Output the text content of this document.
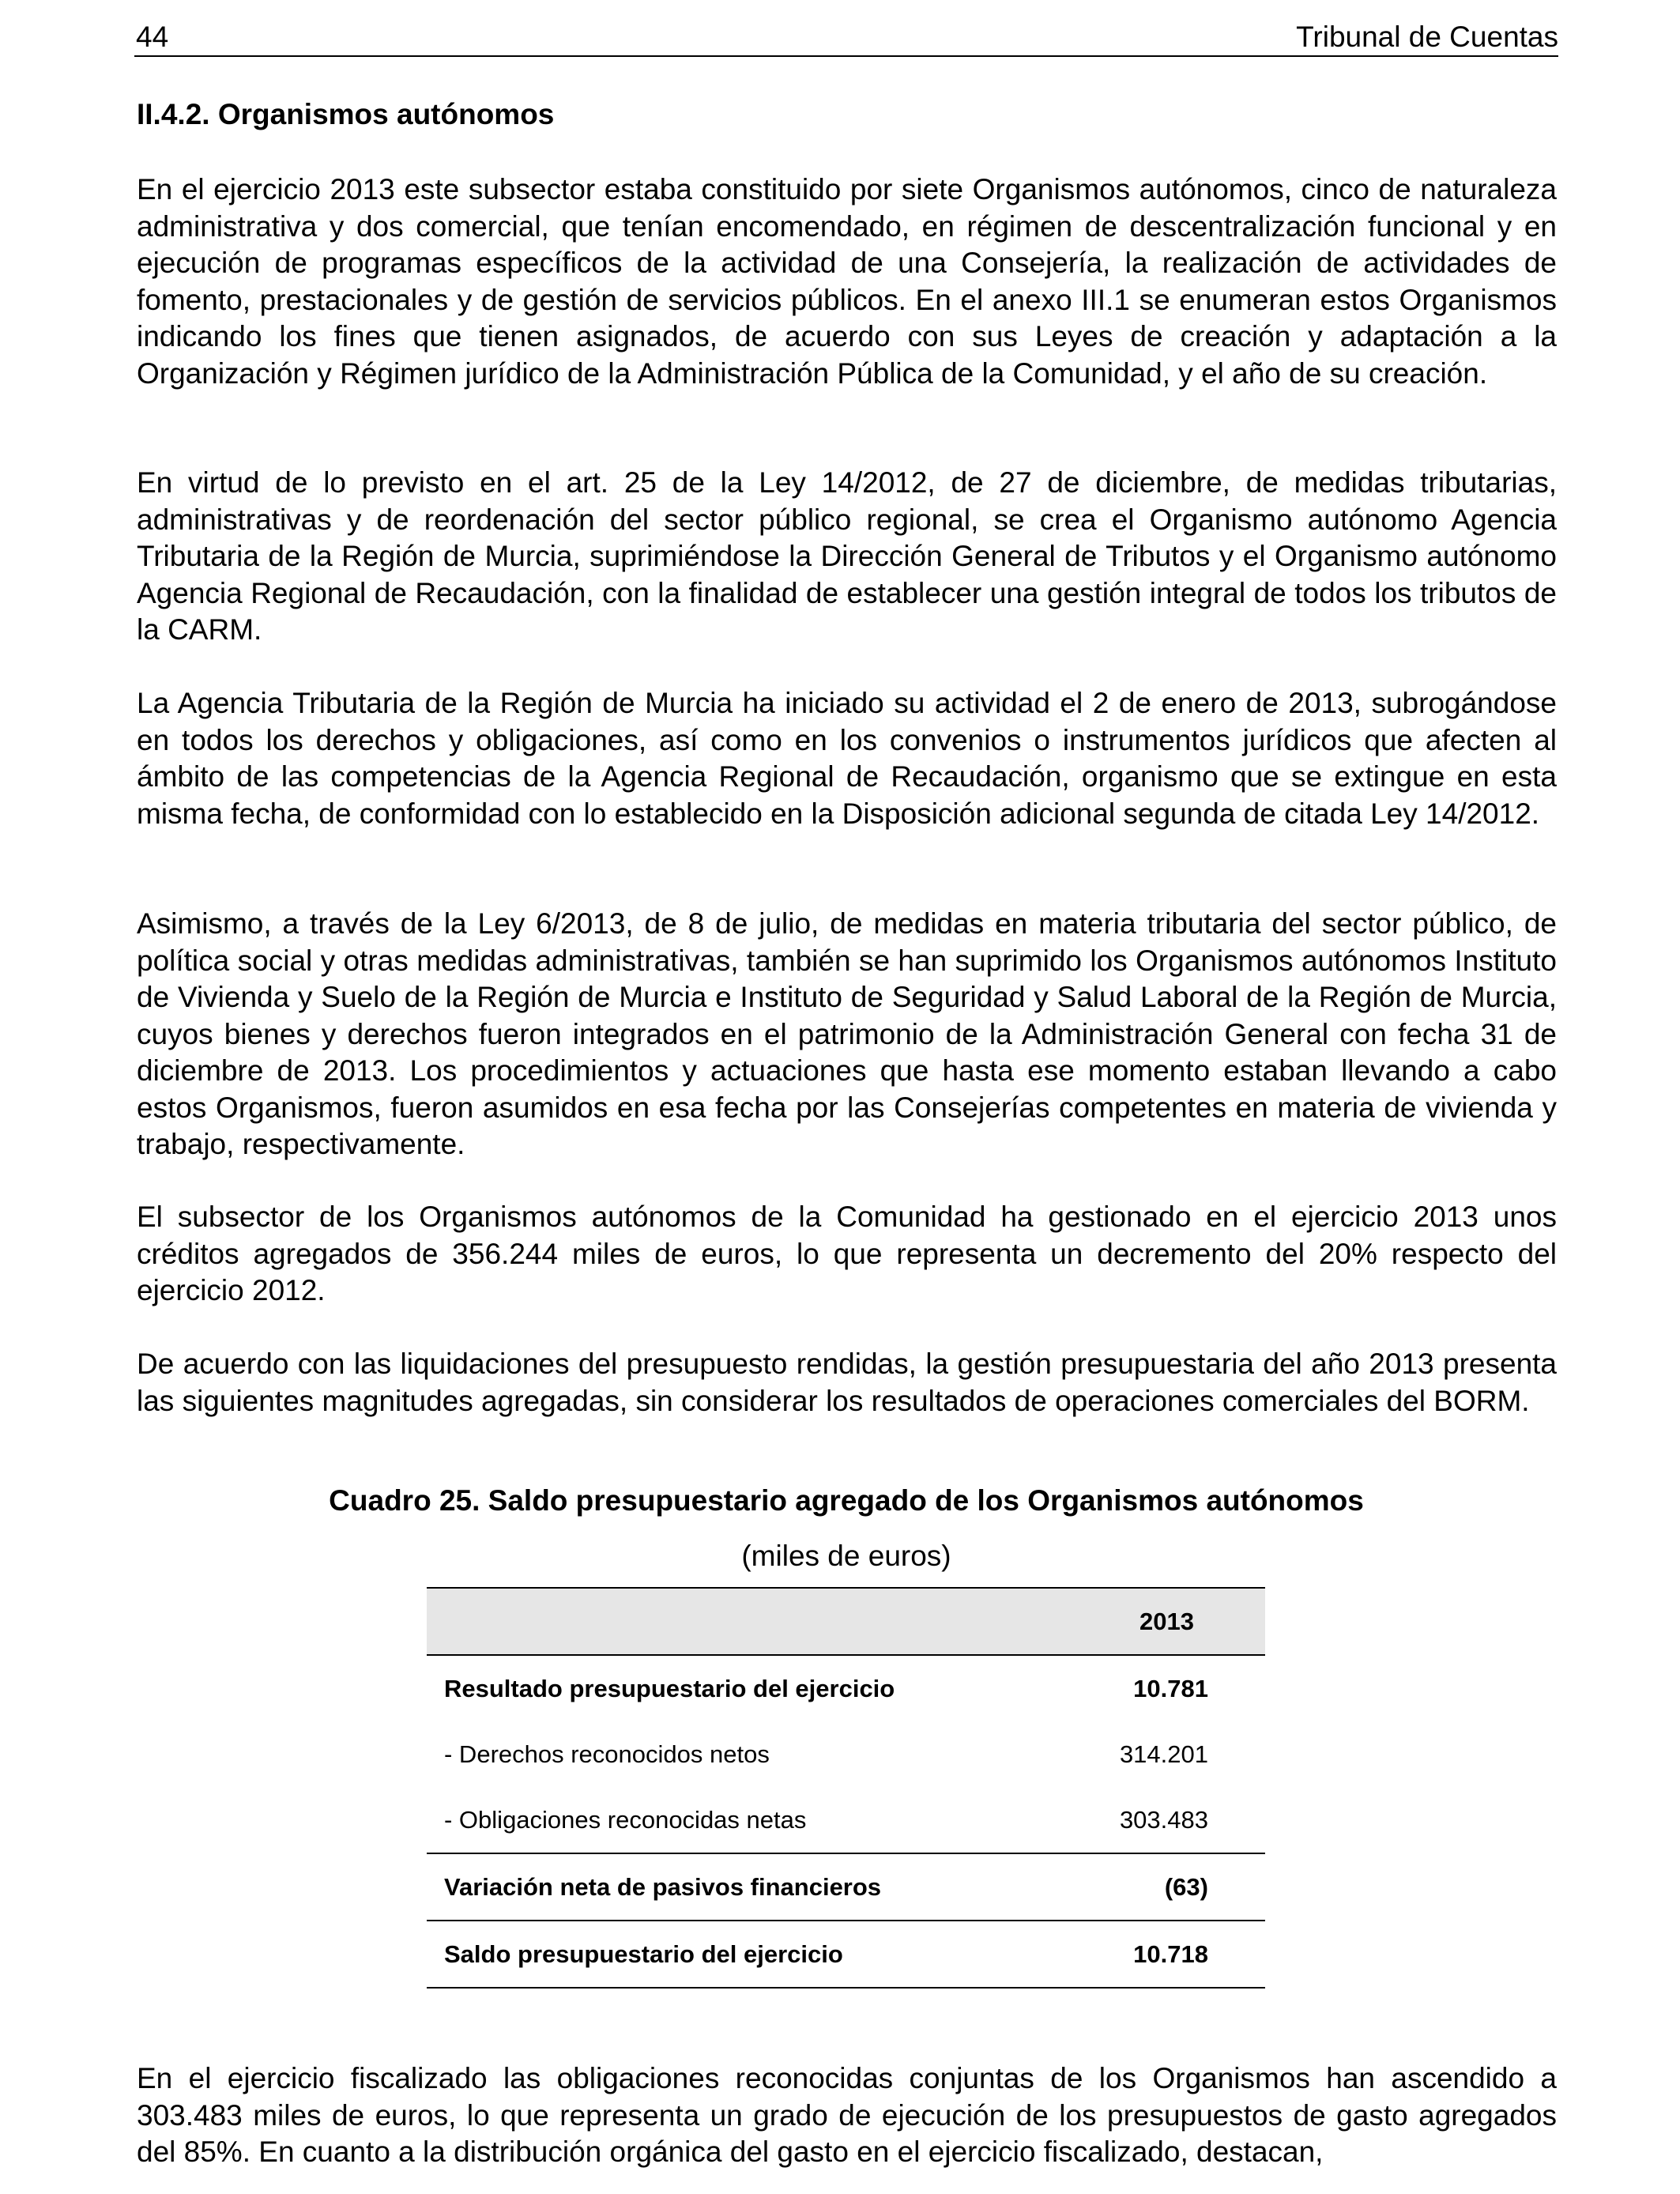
44	Tribunal de Cuentas
II.4.2. Organismos autónomos

En el ejercicio 2013 este subsector estaba constituido por siete Organismos autónomos, cinco de naturaleza administrativa y dos comercial, que tenían encomendado, en régimen de descentralización funcional y en ejecución de programas específicos de la actividad de una Consejería, la realización de actividades de fomento, prestacionales y de gestión de servicios públicos. En el anexo III.1 se enumeran estos Organismos indicando los fines que tienen asignados, de acuerdo con sus Leyes de creación y adaptación a la Organización y Régimen jurídico de la Administración Pública de la Comunidad, y el año de su creación.

En virtud de lo previsto en el art. 25 de la Ley 14/2012, de 27 de diciembre, de medidas tributarias, administrativas y de reordenación del sector público regional, se crea el Organismo autónomo Agencia Tributaria de la Región de Murcia, suprimiéndose la Dirección General de Tributos y el Organismo autónomo Agencia Regional de Recaudación, con la finalidad de establecer una gestión integral de todos los tributos de la CARM.

La Agencia Tributaria de la Región de Murcia ha iniciado su actividad el 2 de enero de 2013, subrogándose en todos los derechos y obligaciones, así como en los convenios o instrumentos jurídicos que afecten al ámbito de las competencias de la Agencia Regional de Recaudación, organismo que se extingue en esta misma fecha, de conformidad con lo establecido en la Disposición adicional segunda de citada Ley 14/2012.

Asimismo, a través de la Ley 6/2013, de 8 de julio, de medidas en materia tributaria del sector público, de política social y otras medidas administrativas, también se han suprimido los Organismos autónomos Instituto de Vivienda y Suelo de la Región de Murcia e Instituto de Seguridad y Salud Laboral de la Región de Murcia, cuyos bienes y derechos fueron integrados en el patrimonio de la Administración General con fecha 31 de diciembre de 2013. Los procedimientos y actuaciones que hasta ese momento estaban llevando a cabo estos Organismos, fueron asumidos en esa fecha por las Consejerías competentes en materia de vivienda y trabajo, respectivamente.

El subsector de los Organismos autónomos de la Comunidad ha gestionado en el ejercicio 2013 unos créditos agregados de 356.244 miles de euros, lo que representa un decremento del 20% respecto del ejercicio 2012.

De acuerdo con las liquidaciones del presupuesto rendidas, la gestión presupuestaria del año 2013 presenta las siguientes magnitudes agregadas, sin considerar los resultados de operaciones comerciales del BORM.

Cuadro 25. Saldo presupuestario agregado de los Organismos autónomos
(miles de euros)
	2013
Resultado presupuestario del ejercicio	10.781
- Derechos reconocidos netos	314.201
- Obligaciones reconocidas netas	303.483
Variación neta de pasivos financieros	(63)
Saldo presupuestario del ejercicio	10.718

En el ejercicio fiscalizado las obligaciones reconocidas conjuntas de los Organismos han ascendido a 303.483 miles de euros, lo que representa un grado de ejecución de los presupuestos de gasto agregados del 85%. En cuanto a la distribución orgánica del gasto en el ejercicio fiscalizado, destacan,
